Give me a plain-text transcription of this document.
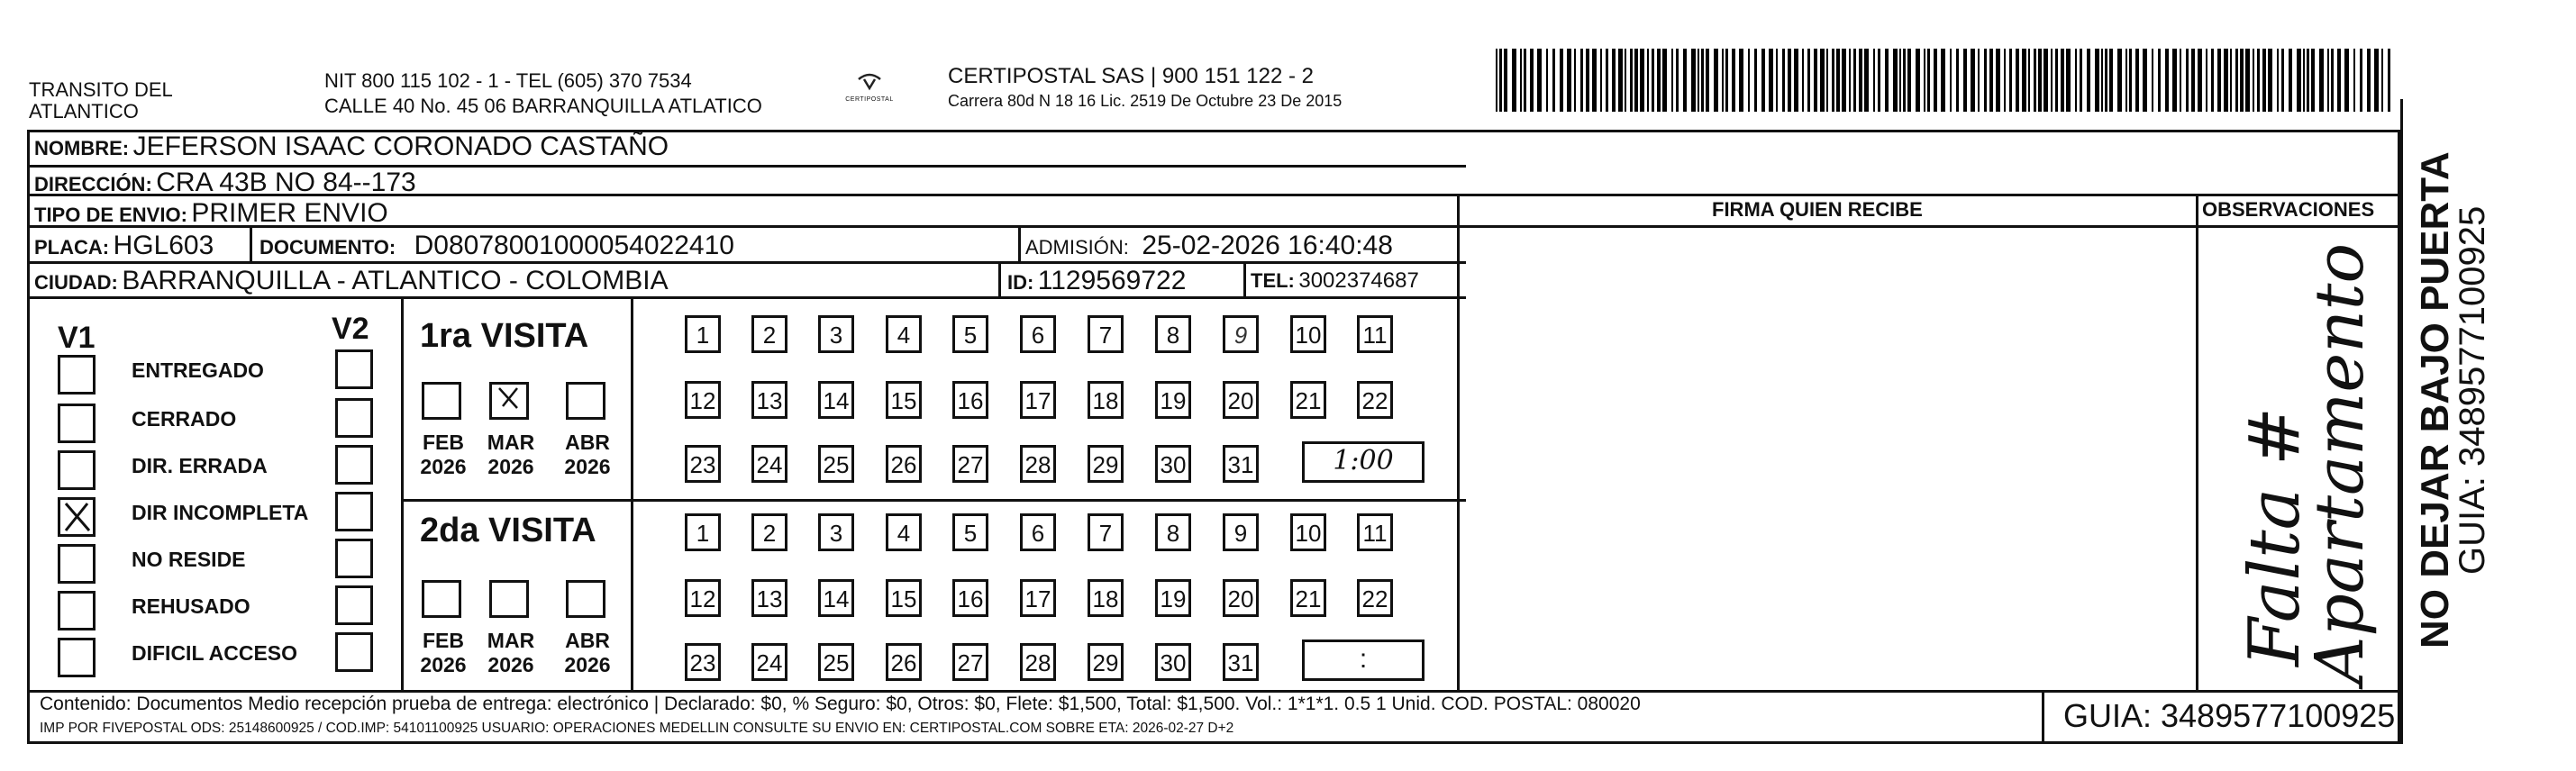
TRANSITO DEL
ATLANTICO
NIT 800 115 102 - 1 - TEL (605) 370 7534
CALLE 40 No. 45 06 BARRANQUILLA ATLATICO	CERTIPOSTAL
CERTIPOSTAL SAS | 900 151 122 - 2
Carrera 80d N 18 16 Lic. 2519 De Octubre 23 De 2015
NOMBRE: JEFERSON ISAAC CORONADO CASTAÑO
DIRECCIÓN: CRA 43B NO 84--173
TIPO DE ENVIO: PRIMER ENVIO	FIRMA QUIEN RECIBE	OBSERVACIONES
PLACA: HGL603 DOCUMENTO: D08078001000054022410	ADMISIÓN: 25-02-2026 16:40:48
CIUDAD: BARRANQUILLA - ATLANTICO - COLOMBIA	ID: 1129569722	TEL: 3002374687
V1	V2
ENTREGADO
CERRADO
DIR. ERRADA
DIR INCOMPLETA
NO RESIDE
REHUSADO
DIFICIL ACCESO
1ra VISITA
2da VISITA
FEB
2026
MAR
2026
ABR
2026
1	2	3	4	5	6	7	8	9	10 11
12 13 14 15 16 17 18 19 20 21 22
23 24 25 26 27 28 29 30 31	1:00
FEB
2026
MAR
2026
ABR
2026
1	2	3	4	5	6	7	8	9	10 11
12 13 14 15 16 17 18 19 20 21 22
23 24 25 26 27 28 29 30 31	:	Falta #
Apartamento NO DEJAR BAJO PUERTA
GUIA: 3489577100925
Contenido: Documentos Medio recepción prueba de entrega: electrónico | Declarado: $0, % Seguro: $0, Otros: $0, Flete: $1,500, Total: $1,500. Vol.: 1*1*1. 0.5 1 Unid. COD. POSTAL: 080020
IMP POR FIVEPOSTAL ODS: 25148600925 / COD.IMP: 54101100925 USUARIO: OPERACIONES MEDELLIN CONSULTE SU ENVIO EN: CERTIPOSTAL.COM SOBRE ETA: 2026-02-27 D+2	GUIA: 3489577100925
